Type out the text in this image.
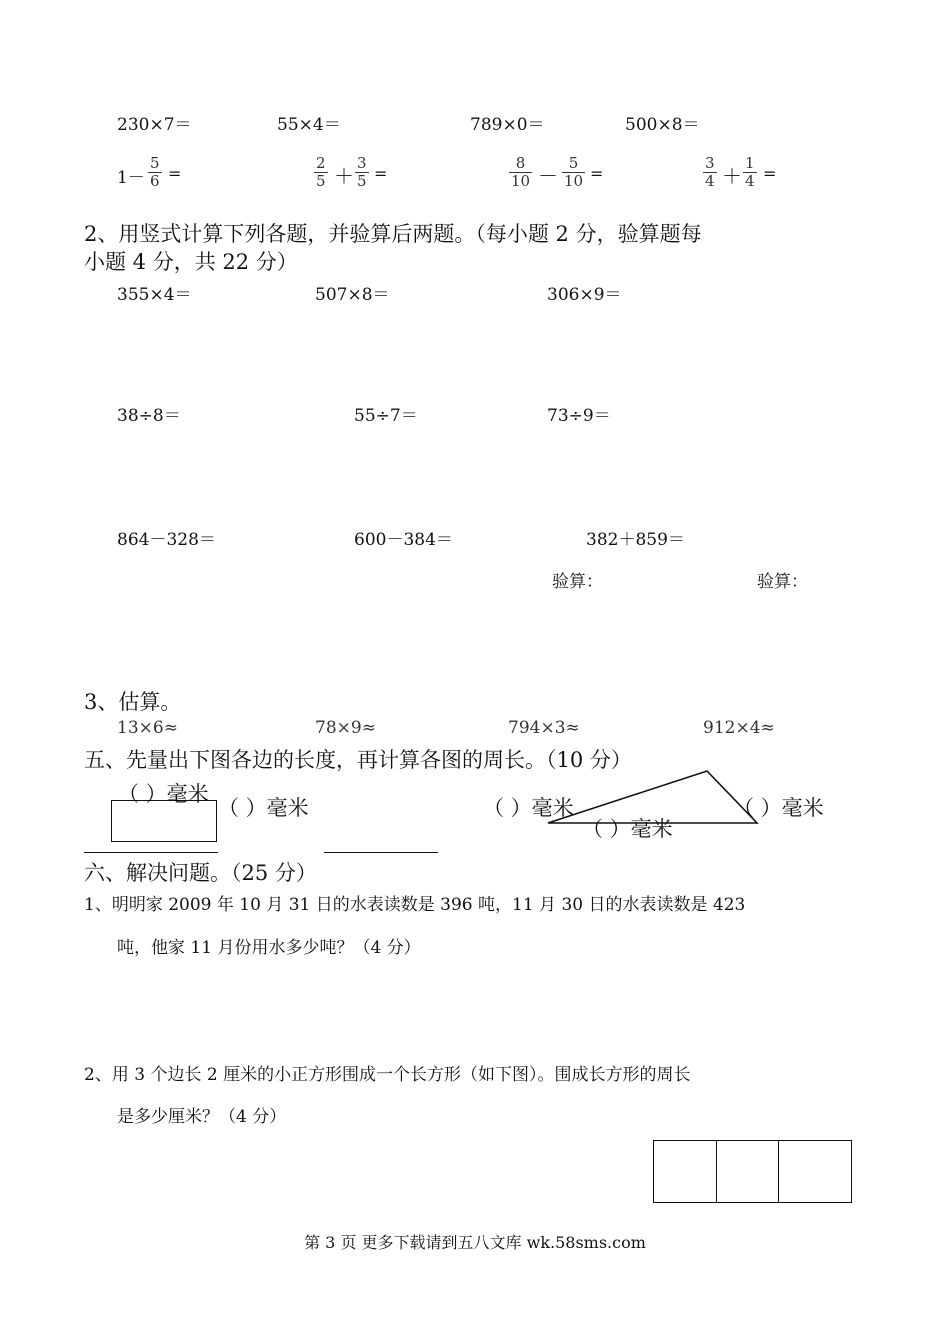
230×7＝	55×4＝	789×0＝	500×8＝
$1- \frac{5}{6}$ =	$\frac{2}{5} + \frac{3}{5}$ =	$\frac{8}{10} - \frac{5}{10}$ =	$\frac{3}{4} + \frac{1}{4}$ =
2、用竖式计算下列各题，并验算后两题。（每小题 2 分，验算题每
小题 4 分，共 22 分）
355×4＝	507×8＝	306×9＝
38÷8＝	55÷7＝	73÷9＝
864－328＝	600－384＝	382＋859＝
验算：	验算：
3、估算。
13×6≈	78×9≈	794×3≈	912×4≈
五、先量出下图各边的长度，再计算各图的周长。（10 分）
（ ）毫米
（ ）毫米	（ ）毫米
（ ）毫米
（ ）毫米
六、解决问题。（25 分）
1、明明家 2009 年 10 月 31 日的水表读数是 396 吨，11 月 30 日的水表读数是 423
吨，他家 11 月份用水多少吨？（4 分）
2、用 3 个边长 2 厘米的小正方形围成一个长方形（如下图）。围成长方形的周长
是多少厘米？（4 分）
第 3 页 更多下载请到五八文库 wk.58sms.com
